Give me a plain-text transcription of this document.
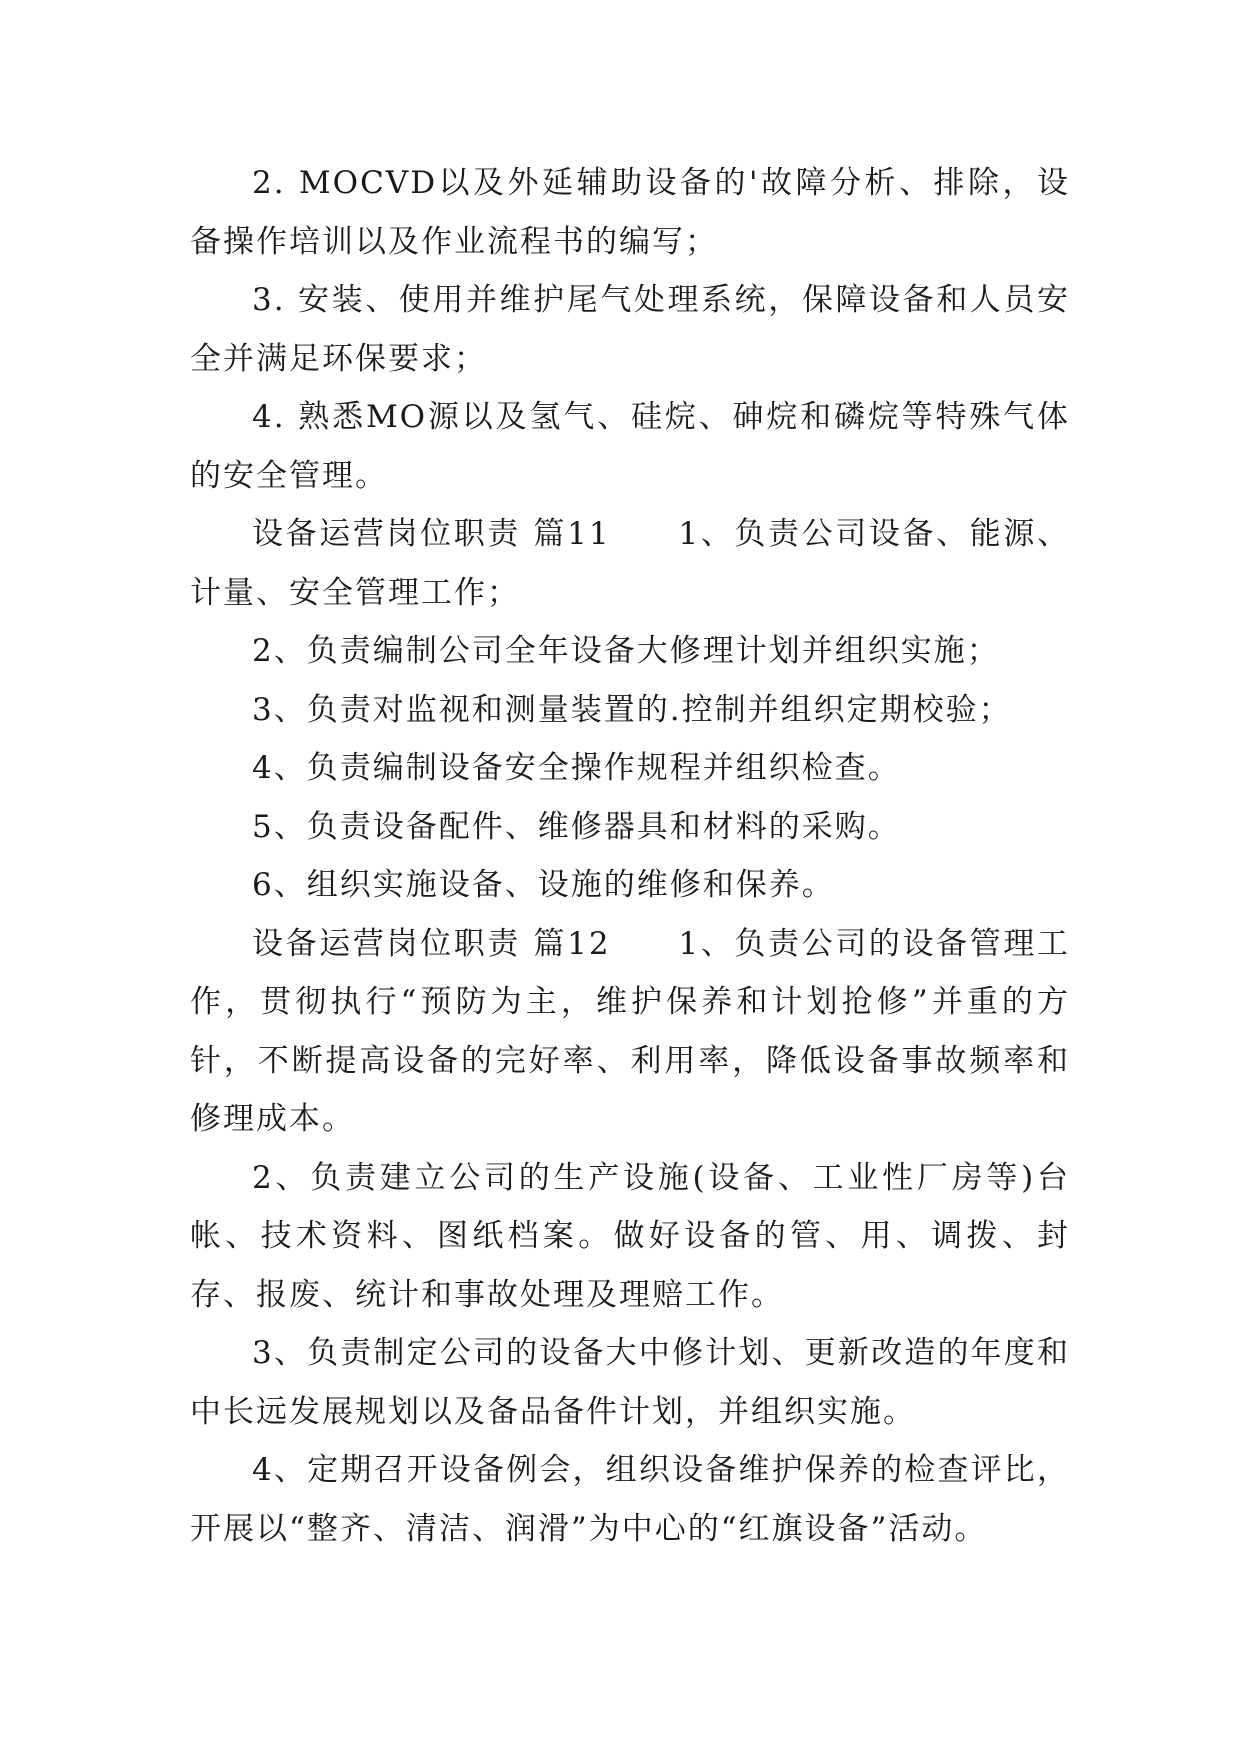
2. MOCVD以及外延辅助设备的'故障分析、排除，设备操作培训以及作业流程书的编写；

3. 安装、使用并维护尾气处理系统，保障设备和人员安全并满足环保要求；

4. 熟悉MO源以及氢气、硅烷、砷烷和磷烷等特殊气体的安全管理。

设备运营岗位职责 篇11　　1、负责公司设备、能源、计量、安全管理工作；

2、负责编制公司全年设备大修理计划并组织实施；

3、负责对监视和测量装置的.控制并组织定期校验；

4、负责编制设备安全操作规程并组织检查。

5、负责设备配件、维修器具和材料的采购。

6、组织实施设备、设施的维修和保养。

设备运营岗位职责 篇12　　1、负责公司的设备管理工作，贯彻执行“预防为主，维护保养和计划抢修”并重的方针，不断提高设备的完好率、利用率，降低设备事故频率和修理成本。

2、负责建立公司的生产设施(设备、工业性厂房等)台帐、技术资料、图纸档案。做好设备的管、用、调拨、封存、报废、统计和事故处理及理赔工作。

3、负责制定公司的设备大中修计划、更新改造的年度和中长远发展规划以及备品备件计划，并组织实施。

4、定期召开设备例会，组织设备维护保养的检查评比，开展以“整齐、清洁、润滑”为中心的“红旗设备”活动。
